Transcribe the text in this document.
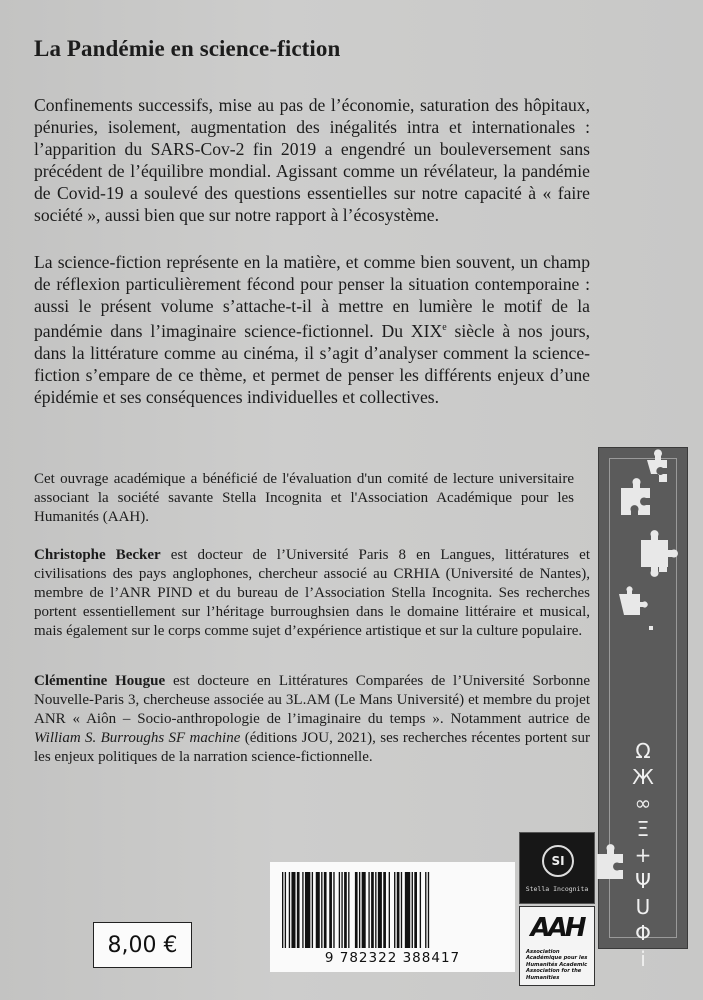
La Pandémie en science-fiction

Confinements successifs, mise au pas de l’économie, saturation des hôpitaux, pénuries, isolement, augmentation des inégalités intra et internationales : l’apparition du SARS-Cov-2 fin 2019 a engendré un bouleversement sans précédent de l’équilibre mondial. Agissant comme un révélateur, la pandémie de Covid-19 a soulevé des questions essentielles sur notre capacité à « faire société », aussi bien que sur notre rapport à l’écosystème.

La science-fiction représente en la matière, et comme bien souvent, un champ de réflexion particulièrement fécond pour penser la situation contemporaine : aussi le présent volume s’attache-t-il à mettre en lumière le motif de la pandémie dans l’imaginaire science-fictionnel. Du XIXe siècle à nos jours, dans la littérature comme au cinéma, il s’agit d’analyser comment la science-fiction s’empare de ce thème, et permet de penser les différents enjeux d’une épidémie et ses conséquences individuelles et collectives.

Cet ouvrage académique a bénéficié de l'évaluation d'un comité de lecture universitaire associant la société savante Stella Incognita et l'Association Académique pour les Humanités (AAH).

Christophe Becker est docteur de l’Université Paris 8 en Langues, littératures et civilisations des pays anglophones, chercheur associé au CRHIA (Université de Nantes), membre de l’ANR PIND et du bureau de l’Association Stella Incognita. Ses recherches portent essentiellement sur l’héritage burroughsien dans le domaine littéraire et musical, mais également sur le corps comme sujet d’expérience artistique et sur la culture populaire.

Clémentine Hougue est docteure en Littératures Comparées de l’Université Sorbonne Nouvelle-Paris 3, chercheuse associée au 3L.AM (Le Mans Université) et membre du projet ANR « Aiôn – Socio-anthropologie de l’imaginaire du temps ». Notamment autrice de William S. Burroughs SF machine (éditions JOU, 2021), ses recherches récentes portent sur les enjeux politiques de la narration science-fictionnelle.	Ω
Ж
∞
Ξ
+
Ψ
U
Φ
i
SI
Stella Incognita
AAH
Association Académique pour les Humanités Academic Association for the Humanities
9 782322 388417
8,00 €
